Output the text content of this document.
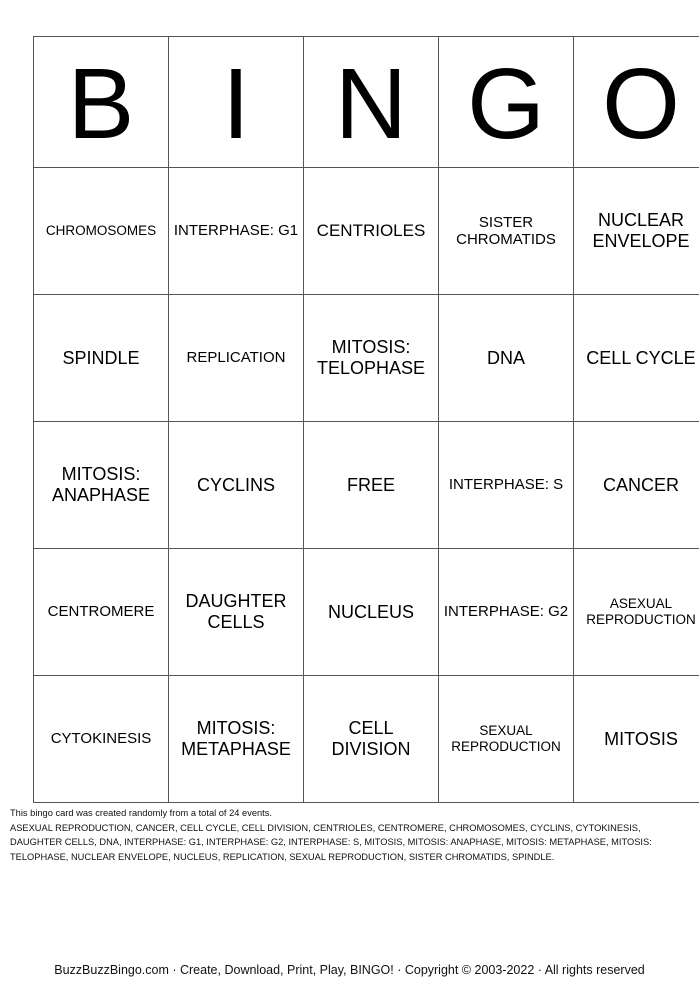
B	I	N	G	O
CHROMOSOMES	INTERPHASE: G1	CENTRIOLES	SISTER CHROMATIDS	NUCLEAR ENVELOPE
SPINDLE	REPLICATION	MITOSIS: TELOPHASE	DNA	CELL CYCLE
MITOSIS: ANAPHASE	CYCLINS	FREE	INTERPHASE: S	CANCER
CENTROMERE	DAUGHTER CELLS	NUCLEUS	INTERPHASE: G2	ASEXUAL REPRODUCTION
CYTOKINESIS	MITOSIS: METAPHASE	CELL DIVISION	SEXUAL REPRODUCTION	MITOSIS
This bingo card was created randomly from a total of 24 events.
ASEXUAL REPRODUCTION, CANCER, CELL CYCLE, CELL DIVISION, CENTRIOLES, CENTROMERE, CHROMOSOMES, CYCLINS, CYTOKINESIS, DAUGHTER CELLS, DNA, INTERPHASE: G1, INTERPHASE: G2, INTERPHASE: S, MITOSIS, MITOSIS: ANAPHASE, MITOSIS: METAPHASE, MITOSIS: TELOPHASE, NUCLEAR ENVELOPE, NUCLEUS, REPLICATION, SEXUAL REPRODUCTION, SISTER CHROMATIDS, SPINDLE.
BuzzBuzzBingo.com · Create, Download, Print, Play, BINGO! · Copyright © 2003-2022 · All rights reserved
